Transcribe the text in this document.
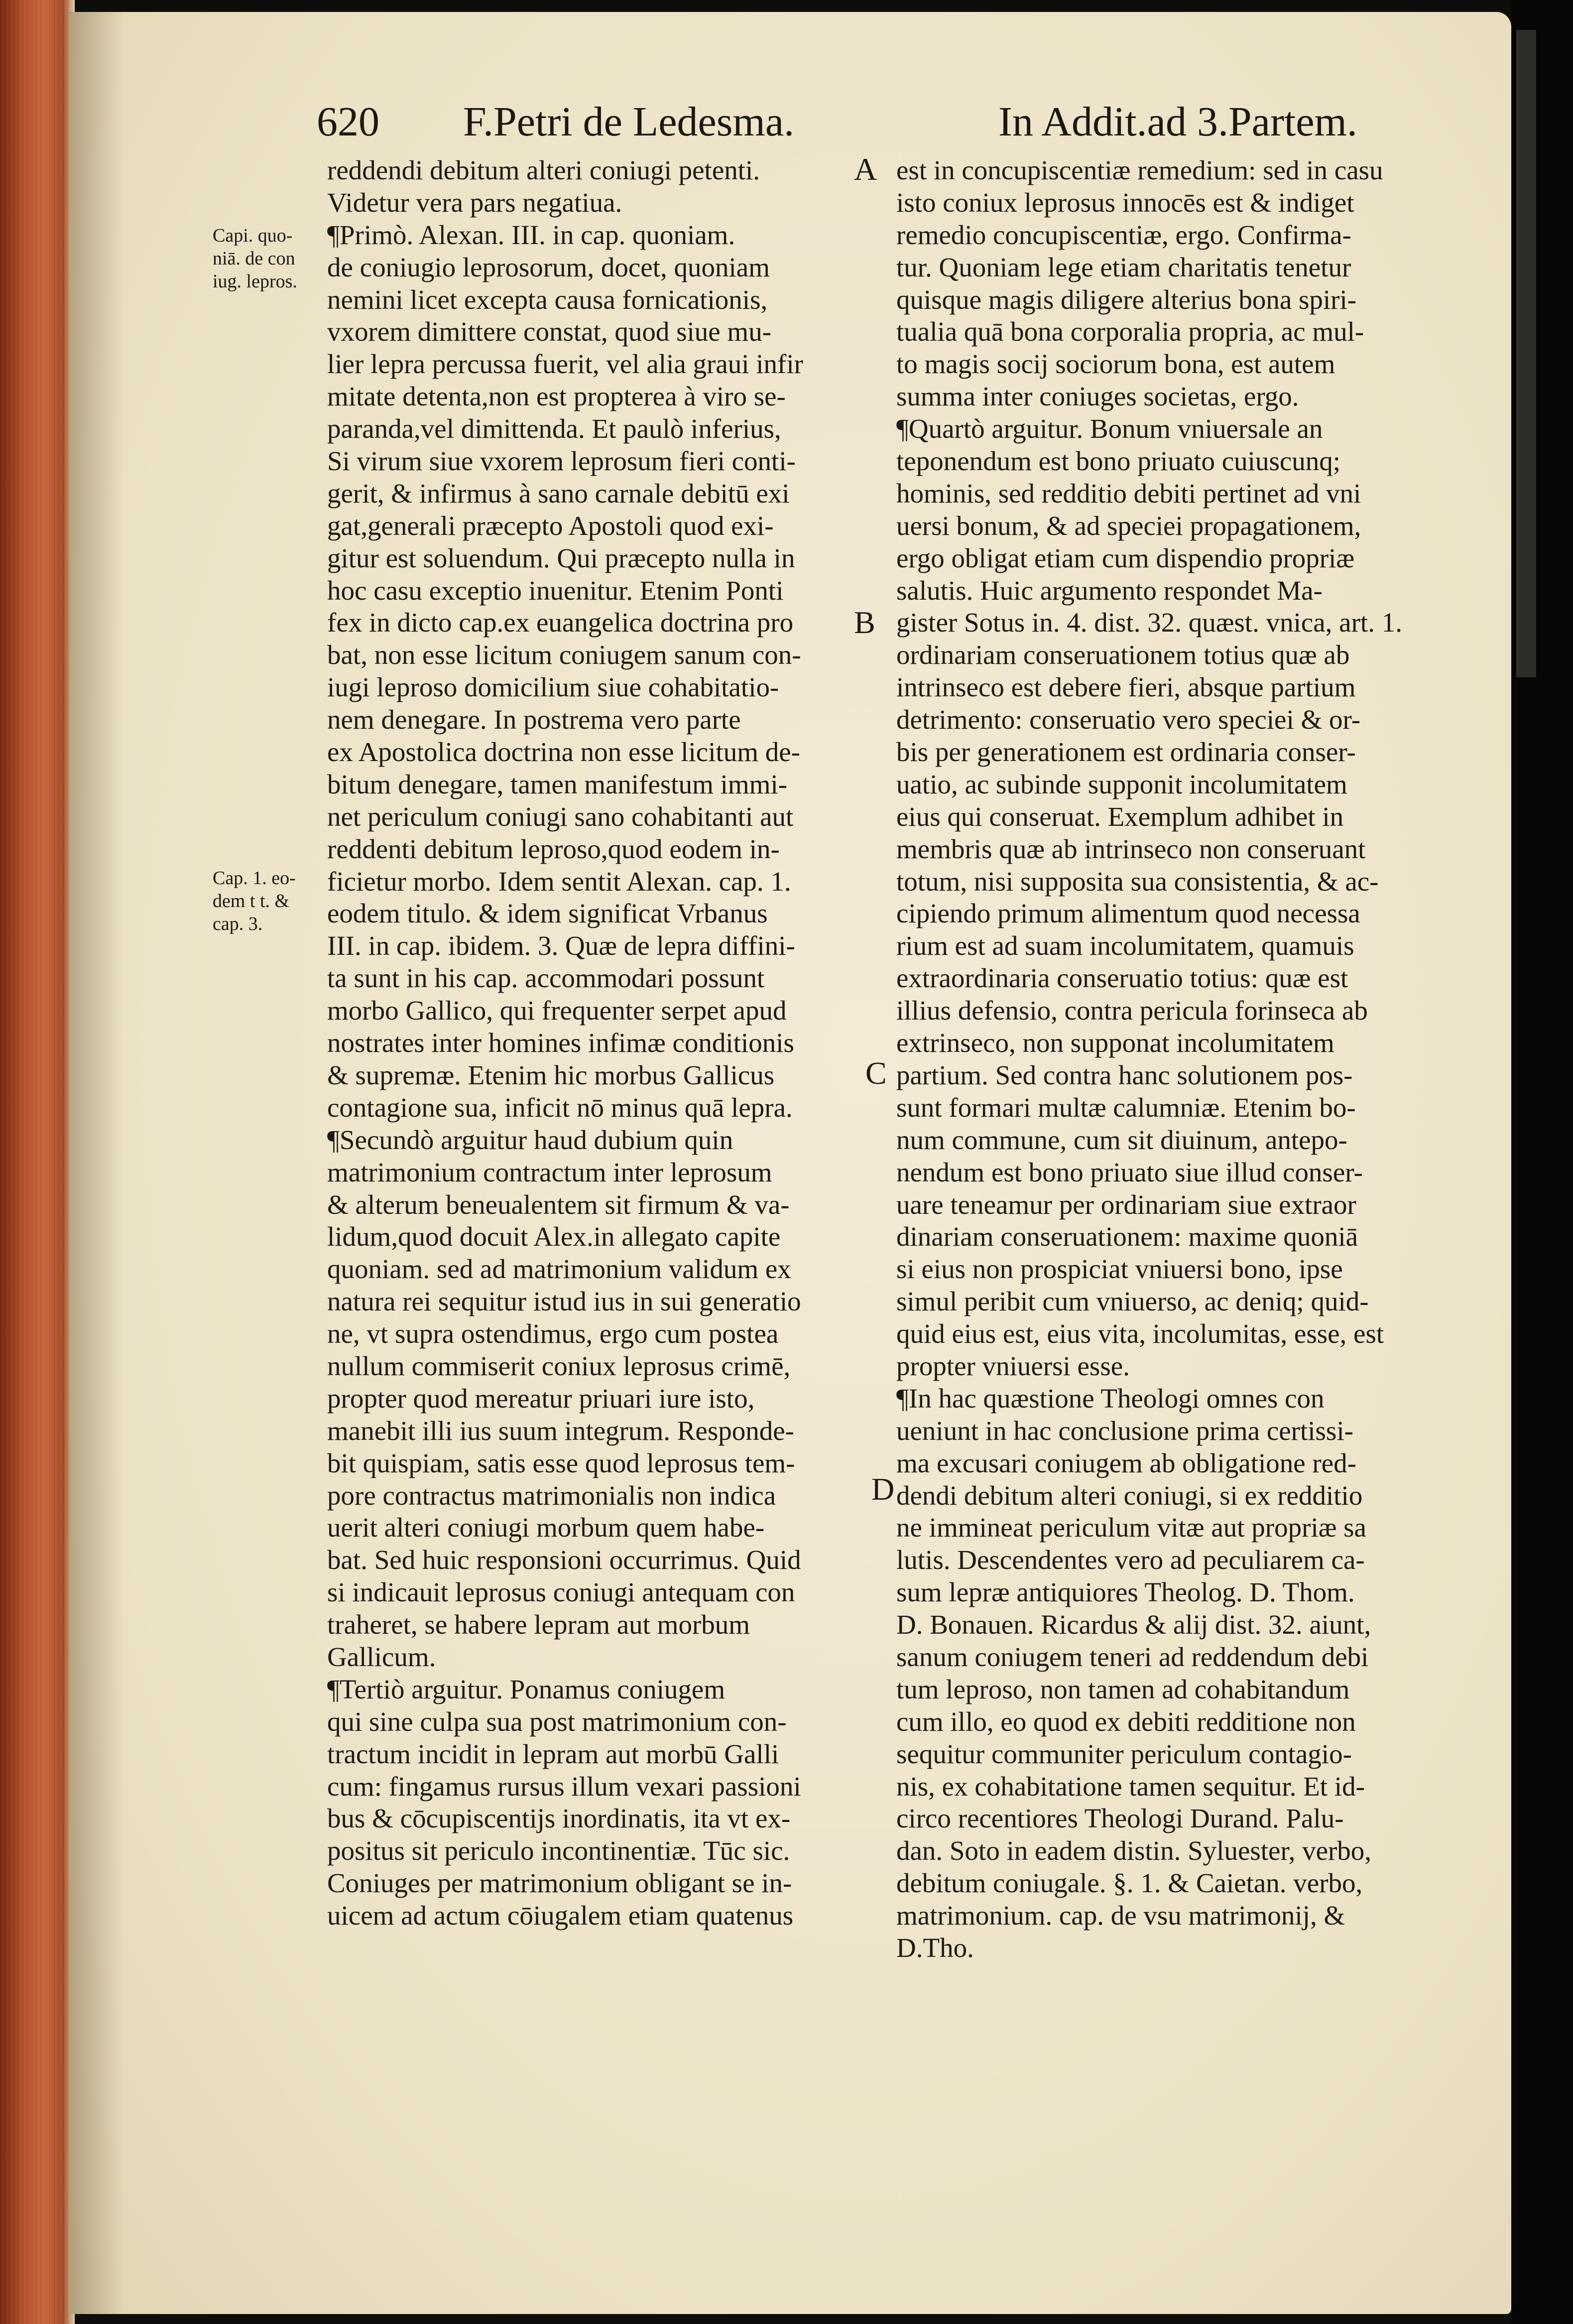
620 F.Petri de Ledesma.	In Addit.ad 3.Partem.
Capi. quo-
niā. de con
iug. lepros.
Cap. 1. eo-
dem t t. &
cap. 3.
A
B
C
D
reddendi debitum alteri coniugi petenti.
Videtur vera pars negatiua.
¶Primò. Alexan. III. in cap. quoniam.
de coniugio leprosorum, docet, quoniam
nemini licet excepta causa fornicationis,
vxorem dimittere constat, quod siue mu-
lier lepra percussa fuerit, vel alia graui infir
mitate detenta,non est propterea à viro se-
paranda,vel dimittenda. Et paulò inferius,
Si virum siue vxorem leprosum fieri conti-
gerit, & infirmus à sano carnale debitū exi
gat,generali præcepto Apostoli quod exi-
gitur est soluendum. Qui præcepto nulla in
hoc casu exceptio inuenitur. Etenim Ponti
fex in dicto cap.ex euangelica doctrina pro
bat, non esse licitum coniugem sanum con-
iugi leproso domicilium siue cohabitatio-
nem denegare. In postrema vero parte
ex Apostolica doctrina non esse licitum de-
bitum denegare, tamen manifestum immi-
net periculum coniugi sano cohabitanti aut
reddenti debitum leproso,quod eodem in-
ficietur morbo. Idem sentit Alexan. cap. 1.
eodem titulo. & idem significat Vrbanus
III. in cap. ibidem. 3. Quæ de lepra diffini-
ta sunt in his cap. accommodari possunt
morbo Gallico, qui frequenter serpet apud
nostrates inter homines infimæ conditionis
& supremæ. Etenim hic morbus Gallicus
contagione sua, inficit nō minus quā lepra.
¶Secundò arguitur haud dubium quin
matrimonium contractum inter leprosum
& alterum beneualentem sit firmum & va-
lidum,quod docuit Alex.in allegato capite
quoniam. sed ad matrimonium validum ex
natura rei sequitur istud ius in sui generatio
ne, vt supra ostendimus, ergo cum postea
nullum commiserit coniux leprosus crimē,
propter quod mereatur priuari iure isto,
manebit illi ius suum integrum. Responde-
bit quispiam, satis esse quod leprosus tem-
pore contractus matrimonialis non indica
uerit alteri coniugi morbum quem habe-
bat. Sed huic responsioni occurrimus. Quid
si indicauit leprosus coniugi antequam con
traheret, se habere lepram aut morbum
Gallicum.
¶Tertiò arguitur. Ponamus coniugem
qui sine culpa sua post matrimonium con-
tractum incidit in lepram aut morbū Galli
cum: fingamus rursus illum vexari passioni
bus & cōcupiscentijs inordinatis, ita vt ex-
positus sit periculo incontinentiæ. Tūc sic.
Coniuges per matrimonium obligant se in-
uicem ad actum cōiugalem etiam quatenus
est in concupiscentiæ remedium: sed in casu
isto coniux leprosus innocēs est & indiget
remedio concupiscentiæ, ergo. Confirma-
tur. Quoniam lege etiam charitatis tenetur
quisque magis diligere alterius bona spiri-
tualia quā bona corporalia propria, ac mul-
to magis socij sociorum bona, est autem
summa inter coniuges societas, ergo.
¶Quartò arguitur. Bonum vniuersale an
teponendum est bono priuato cuiuscunq;
hominis, sed redditio debiti pertinet ad vni
uersi bonum, & ad speciei propagationem,
ergo obligat etiam cum dispendio propriæ
salutis. Huic argumento respondet Ma-
gister Sotus in. 4. dist. 32. quæst. vnica, art. 1.
ordinariam conseruationem totius quæ ab
intrinseco est debere fieri, absque partium
detrimento: conseruatio vero speciei & or-
bis per generationem est ordinaria conser-
uatio, ac subinde supponit incolumitatem
eius qui conseruat. Exemplum adhibet in
membris quæ ab intrinseco non conseruant
totum, nisi supposita sua consistentia, & ac-
cipiendo primum alimentum quod necessa
rium est ad suam incolumitatem, quamuis
extraordinaria conseruatio totius: quæ est
illius defensio, contra pericula forinseca ab
extrinseco, non supponat incolumitatem
partium. Sed contra hanc solutionem pos-
sunt formari multæ calumniæ. Etenim bo-
num commune, cum sit diuinum, antepo-
nendum est bono priuato siue illud conser-
uare teneamur per ordinariam siue extraor
dinariam conseruationem: maxime quoniā
si eius non prospiciat vniuersi bono, ipse
simul peribit cum vniuerso, ac deniq; quid-
quid eius est, eius vita, incolumitas, esse, est
propter vniuersi esse.
¶In hac quæstione Theologi omnes con
ueniunt in hac conclusione prima certissi-
ma excusari coniugem ab obligatione red-
dendi debitum alteri coniugi, si ex redditio
ne immineat periculum vitæ aut propriæ sa
lutis. Descendentes vero ad peculiarem ca-
sum lepræ antiquiores Theolog. D. Thom.
D. Bonauen. Ricardus & alij dist. 32. aiunt,
sanum coniugem teneri ad reddendum debi
tum leproso, non tamen ad cohabitandum
cum illo, eo quod ex debiti redditione non
sequitur communiter periculum contagio-
nis, ex cohabitatione tamen sequitur. Et id-
circo recentiores Theologi Durand. Palu-
dan. Soto in eadem distin. Syluester, verbo,
debitum coniugale. §. 1. & Caietan. verbo,
matrimonium. cap. de vsu matrimonij, &
D.Tho.
